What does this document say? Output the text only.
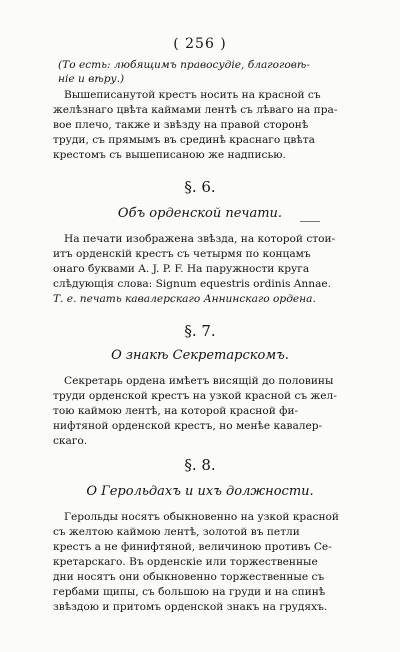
( 256 )
(То есть: любящимъ правосудіе, благоговѣ-
ніе и вѣру.)
Вышеписанутой крестъ носить на красной съ
желѣзнаго цвѣта каймами лентѣ съ лѣваго на пра-
вое плечо, также и звѣзду на правой сторонѣ
труди, съ прямымъ въ срединѣ краснаго цвѣта
крестомъ съ вышеписаною же надписью.
§. 6.
Объ орденской печати.
На печати изображена звѣзда, на которой стои-
итъ орденскій крестъ съ четырмя по концамъ
онаго буквами A. J. P. F. На паружности круга
слѣдующія слова: Signum equestris ordinis Annae.
Т. е. печать кавалерскаго Аннинскаго ордена.
§. 7.
О знакѣ Секретарскомъ.
Секретарь ордена имѣетъ висящій до половины
труди орденской крестъ на узкой красной съ жел-
тою каймою лентѣ, на которой красной фи-
нифтяной орденской крестъ, но менѣе кавалер-
скаго.
§. 8.
О Герольдахъ и ихъ должности.
Герольды носятъ обыкновенно на узкой красной
съ желтою каймою лентѣ, золотой въ петли
крестъ а не финифтяной, величиною противъ Се-
кретарскаго. Въ орденскіе или торжественные
дни носятъ они обыкновенно торжественные съ
гербами щипы, съ большою на груди и на спинѣ
звѣздою и притомъ орденской знакъ на грудяхъ.
